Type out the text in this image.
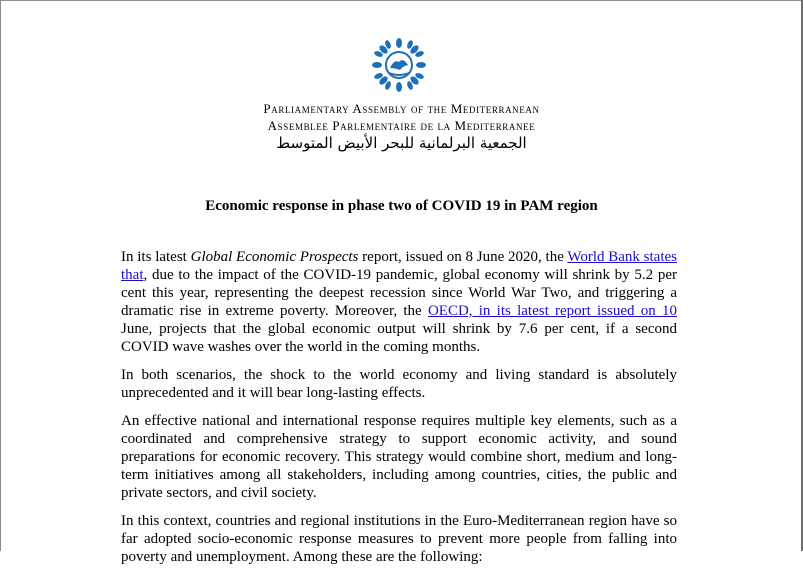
Parliamentary Assembly of the Mediterranean
Assemblee Parlementaire de la Mediterranee
الجمعية البرلمانية للبحر الأبيض المتوسط
Economic response in phase two of COVID 19 in PAM region

In its latest Global Economic Prospects report, issued on 8 June 2020, the World Bank states that, due to the impact of the COVID-19 pandemic, global economy will shrink by 5.2 per cent this year, representing the deepest recession since World War Two, and triggering a dramatic rise in extreme poverty. Moreover, the OECD, in its latest report issued on 10 June, projects that the global economic output will shrink by 7.6 per cent, if a second COVID wave washes over the world in the coming months.

In both scenarios, the shock to the world economy and living standard is absolutely unprecedented and it will bear long-lasting effects.

An effective national and international response requires multiple key elements, such as a coordinated and comprehensive strategy to support economic activity, and sound preparations for economic recovery. This strategy would combine short, medium and long-term initiatives among all stakeholders, including among countries, cities, the public and private sectors, and civil society.

In this context, countries and regional institutions in the Euro-Mediterranean region have so far adopted socio-economic response measures to prevent more people from falling into poverty and unemployment. Among these are the following:
